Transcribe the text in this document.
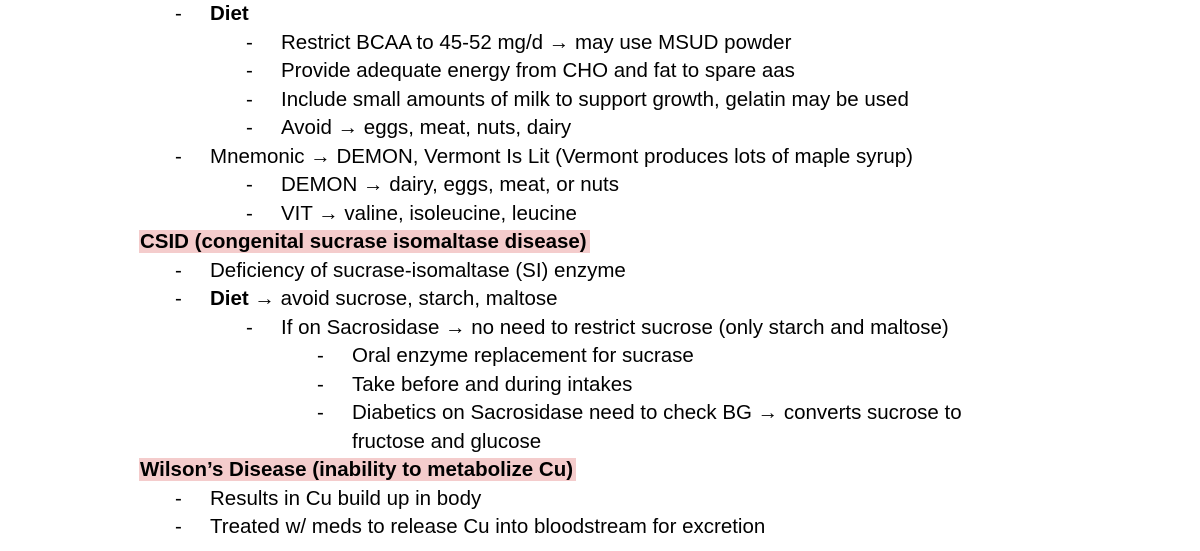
- Diet
- Restrict BCAA to 45-52 mg/d → may use MSUD powder
- Provide adequate energy from CHO and fat to spare aas
- Include small amounts of milk to support growth, gelatin may be used
- Avoid → eggs, meat, nuts, dairy
- Mnemonic → DEMON, Vermont Is Lit (Vermont produces lots of maple syrup)
- DEMON → dairy, eggs, meat, or nuts
- VIT → valine, isoleucine, leucine
CSID (congenital sucrase isomaltase disease)
- Deficiency of sucrase-isomaltase (SI) enzyme
- Diet → avoid sucrose, starch, maltose
- If on Sacrosidase → no need to restrict sucrose (only starch and maltose)
- Oral enzyme replacement for sucrase
- Take before and during intakes
- Diabetics on Sacrosidase need to check BG → converts sucrose to
fructose and glucose
Wilson’s Disease (inability to metabolize Cu)
- Results in Cu build up in body
- Treated w/ meds to release Cu into bloodstream for excretion
